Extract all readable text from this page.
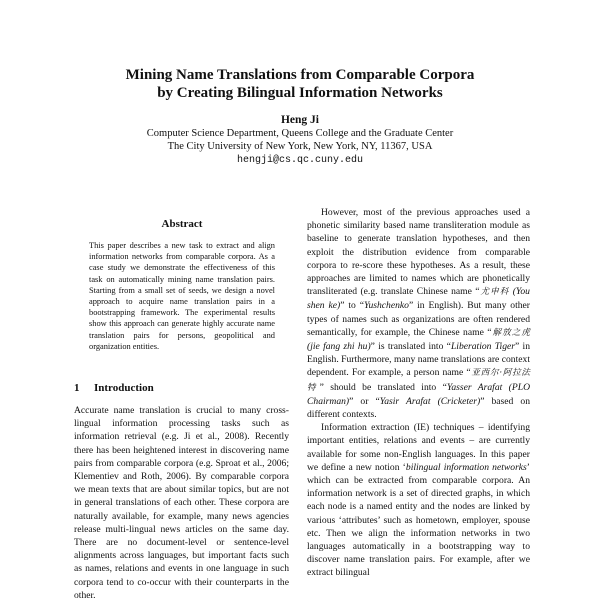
Mining Name Translations from Comparable Corpora
by Creating Bilingual Information Networks
Heng Ji
Computer Science Department, Queens College and the Graduate Center
The City University of New York, New York, NY, 11367, USA
hengji@cs.qc.cuny.edu
Abstract

This paper describes a new task to extract and align information networks from comparable corpora. As a case study we demonstrate the effectiveness of this task on automatically mining name translation pairs. Starting from a small set of seeds, we design a novel approach to acquire name translation pairs in a bootstrapping framework. The experimental results show this approach can generate highly accurate name translation pairs for persons, geopolitical and organization entities.

1 Introduction

Accurate name translation is crucial to many cross-lingual information processing tasks such as information retrieval (e.g. Ji et al., 2008). Recently there has been heightened interest in discovering name pairs from comparable corpora (e.g. Sproat et al., 2006; Klementiev and Roth, 2006). By comparable corpora we mean texts that are about similar topics, but are not in general translations of each other. These corpora are naturally available, for example, many news agencies release multi-lingual news articles on the same day. There are no document-level or sentence-level alignments across languages, but important facts such as names, relations and events in one language in such corpora tend to co-occur with their counterparts in the other.

However, most of the previous approaches used a phonetic similarity based name transliteration module as baseline to generate translation hypotheses, and then exploit the distribution evidence from comparable corpora to re-score these hypotheses. As a result, these approaches are limited to names which are phonetically transliterated (e.g. translate Chinese name “尤申科 (You shen ke)” to “Yushchenko” in English). But many other types of names such as organizations are often rendered semantically, for example, the Chinese name “解放之虎 (jie fang zhi hu)” is translated into “Liberation Tiger” in English. Furthermore, many name translations are context dependent. For example, a person name “亚西尔·阿拉法特” should be translated into “Yasser Arafat (PLO Chairman)” or “Yasir Arafat (Cricketer)” based on different contexts.

Information extraction (IE) techniques – identifying important entities, relations and events – are currently available for some non-English languages. In this paper we define a new notion ‘bilingual information networks’ which can be extracted from comparable corpora. An information network is a set of directed graphs, in which each node is a named entity and the nodes are linked by various ‘attributes’ such as hometown, employer, spouse etc. Then we align the information networks in two languages automatically in a bootstrapping way to discover name translation pairs. For example, after we extract bilingual
